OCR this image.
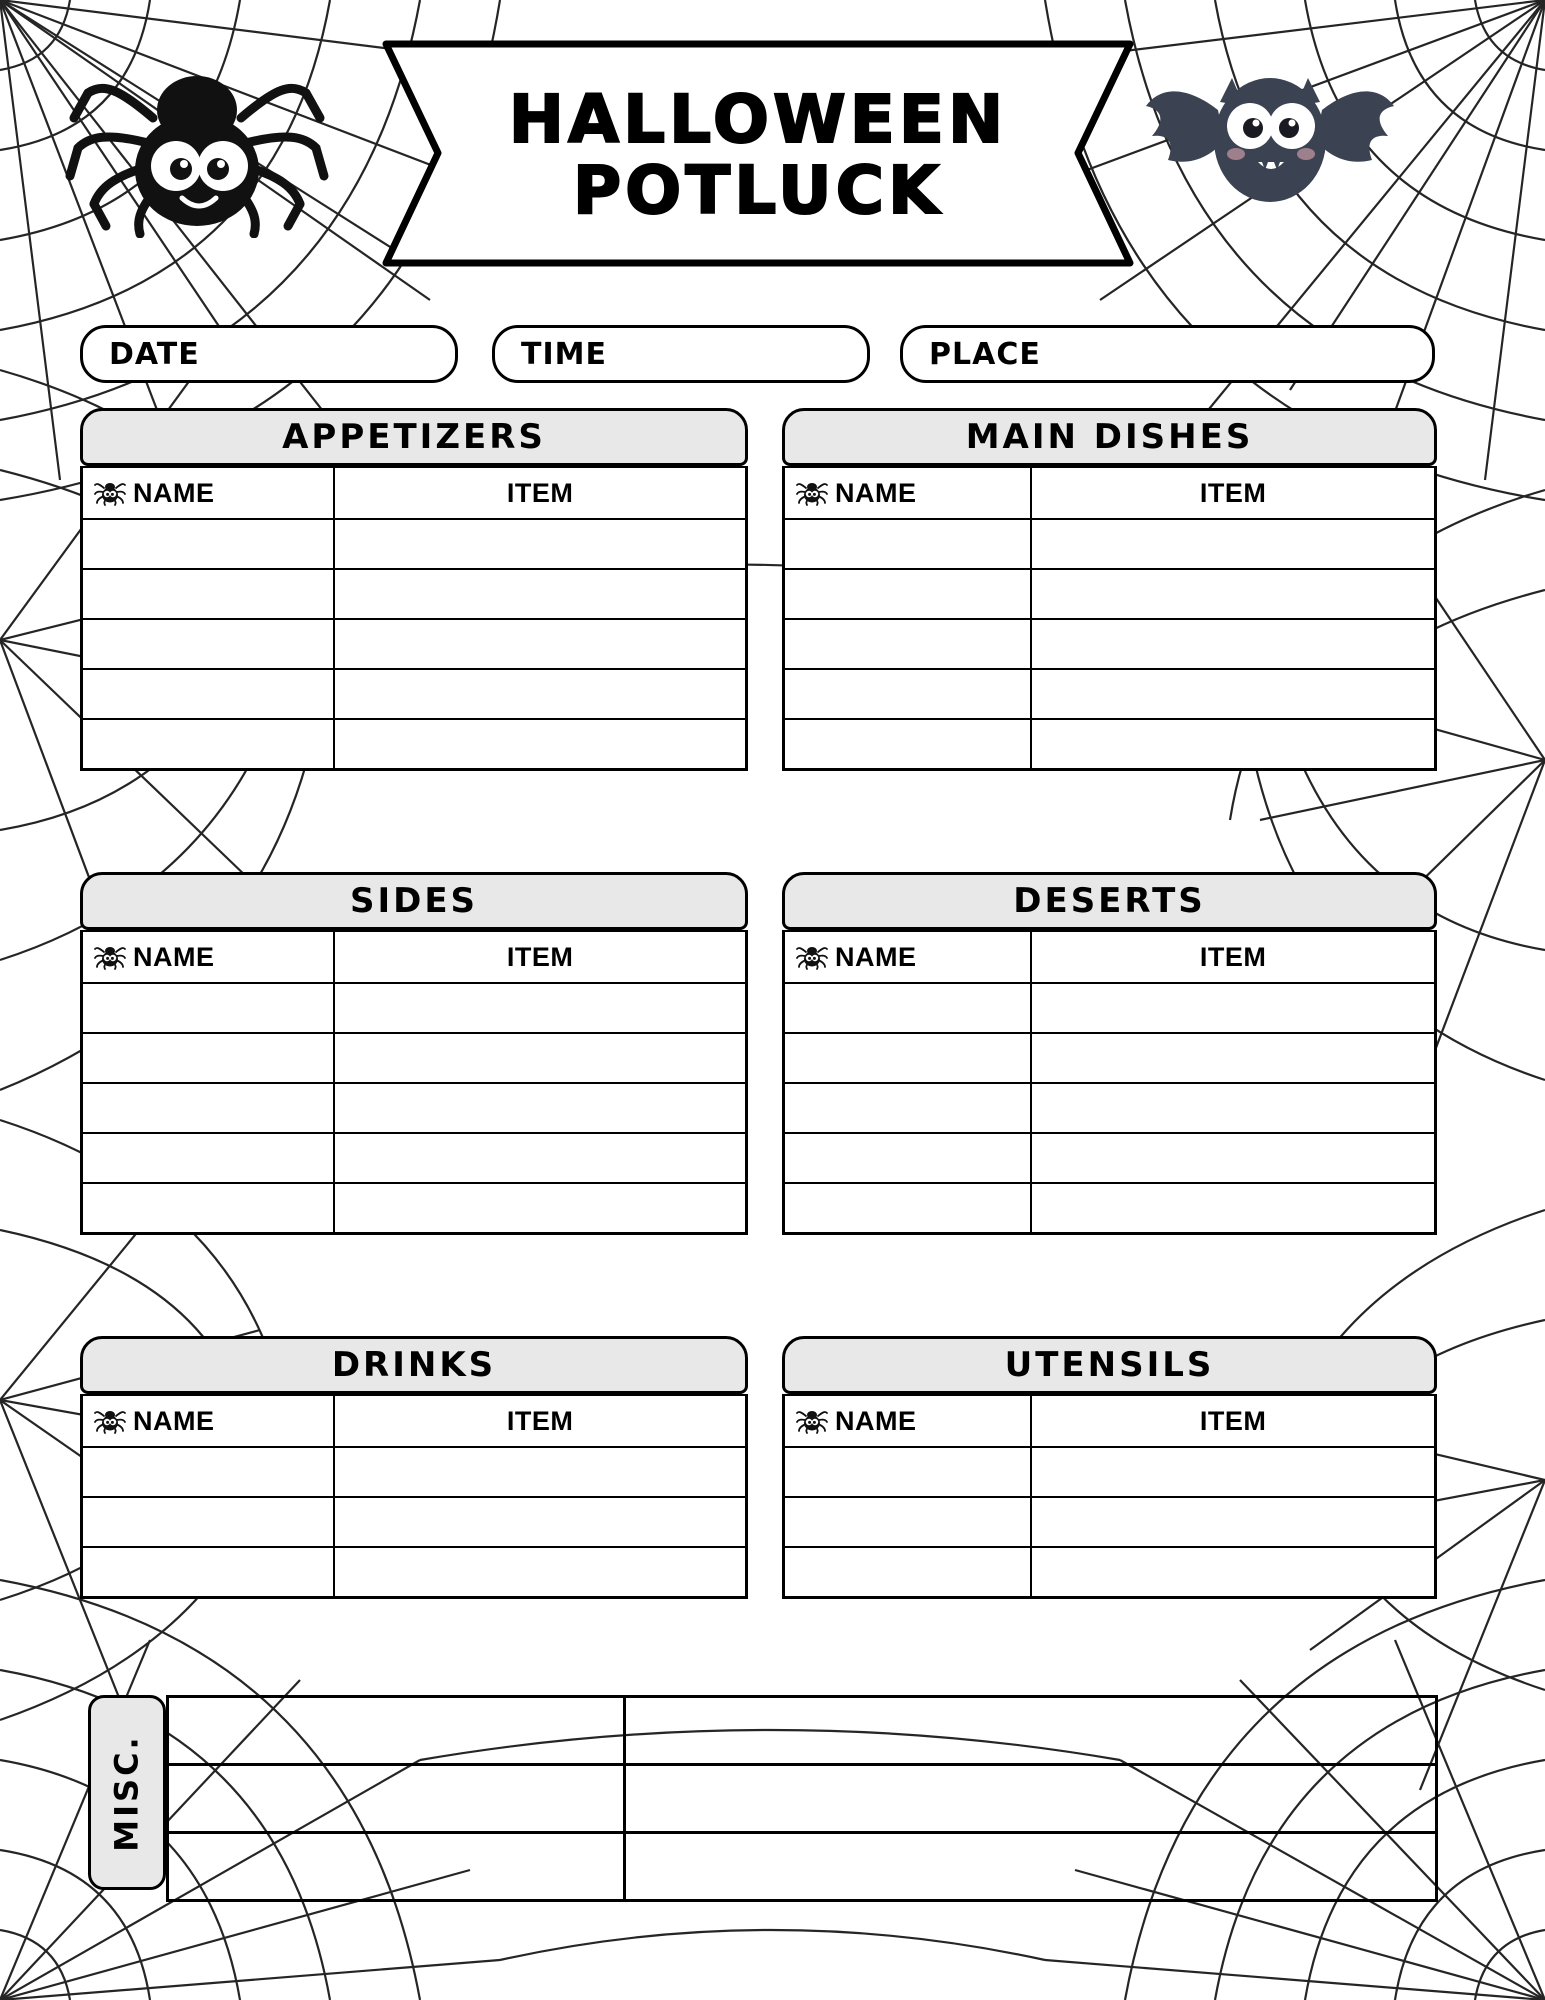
HALLOWEEN
POTLUCK
DATE	TIME	PLACE
APPETIZERS
NAME	ITEM

MAIN DISHES
NAME	ITEM

SIDES
NAME	ITEM

DESERTS
NAME	ITEM

DRINKS
NAME	ITEM

UTENSILS
NAME	ITEM

MISC.
